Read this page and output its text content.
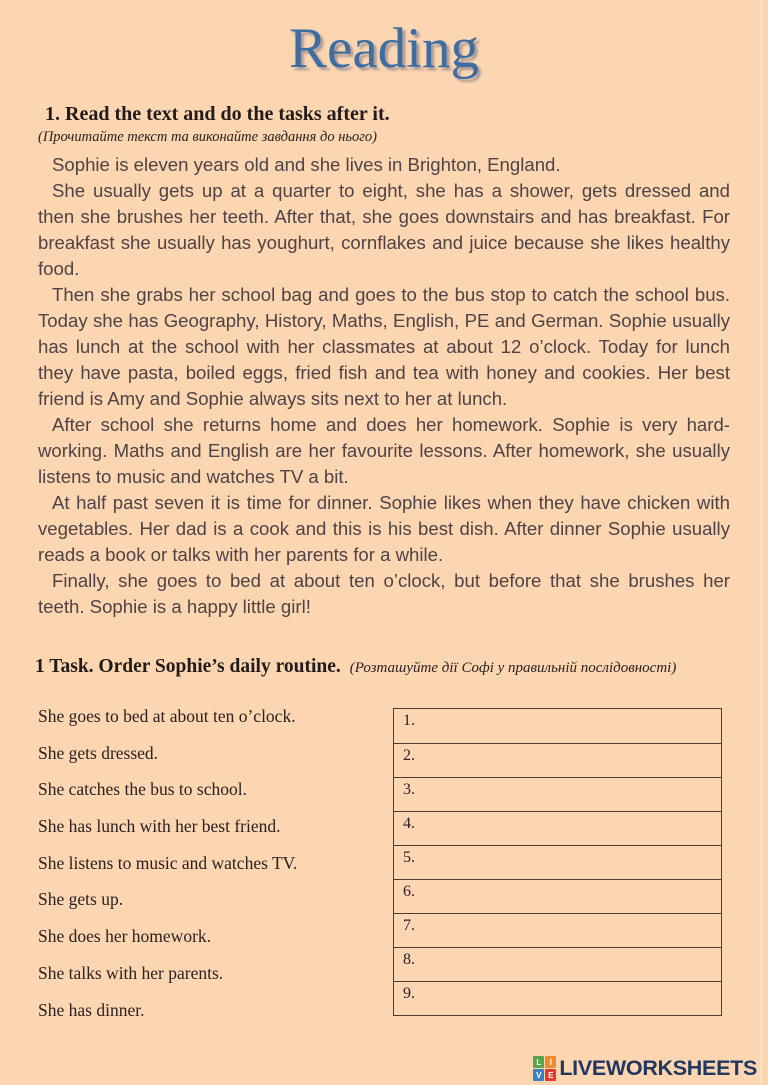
Reading
1. Read the text and do the tasks after it.
(Прочитайте текст та виконайте завдання до нього)

Sophie is eleven years old and she lives in Brighton, England.

She usually gets up at a quarter to eight, she has a shower, gets dressed and then she brushes her teeth. After that, she goes downstairs and has breakfast. For breakfast she usually has youghurt, cornflakes and juice because she likes healthy food.

Then she grabs her school bag and goes to the bus stop to catch the school bus. Today she has Geography, History, Maths, English, PE and German. Sophie usually has lunch at the school with her classmates at about 12 o’clock. Today for lunch they have pasta, boiled eggs, fried fish and tea with honey and cookies. Her best friend is Amy and Sophie always sits next to her at lunch.

After school she returns home and does her homework. Sophie is very hard-working. Maths and English are her favourite lessons. After homework, she usually listens to music and watches TV a bit.

At half past seven it is time for dinner. Sophie likes when they have chicken with vegetables. Her dad is a cook and this is his best dish. After dinner Sophie usually reads a book or talks with her parents for a while.

Finally, she goes to bed at about ten o’clock, but before that she brushes her teeth. Sophie is a happy little girl!

1 Task. Order Sophie’s daily routine. (Розташуйте дії Софі у правильній послідовності)
She goes to bed at about ten o’clock.
She gets dressed.
She catches the bus to school.
She has lunch with her best friend.
She listens to music and watches TV.
She gets up.
She does her homework.
She talks with her parents.
She has dinner.
1.
2.
3.
4.
5.
6.
7.
8.
9.
L	I
V E LIVEWORKSHEETS
